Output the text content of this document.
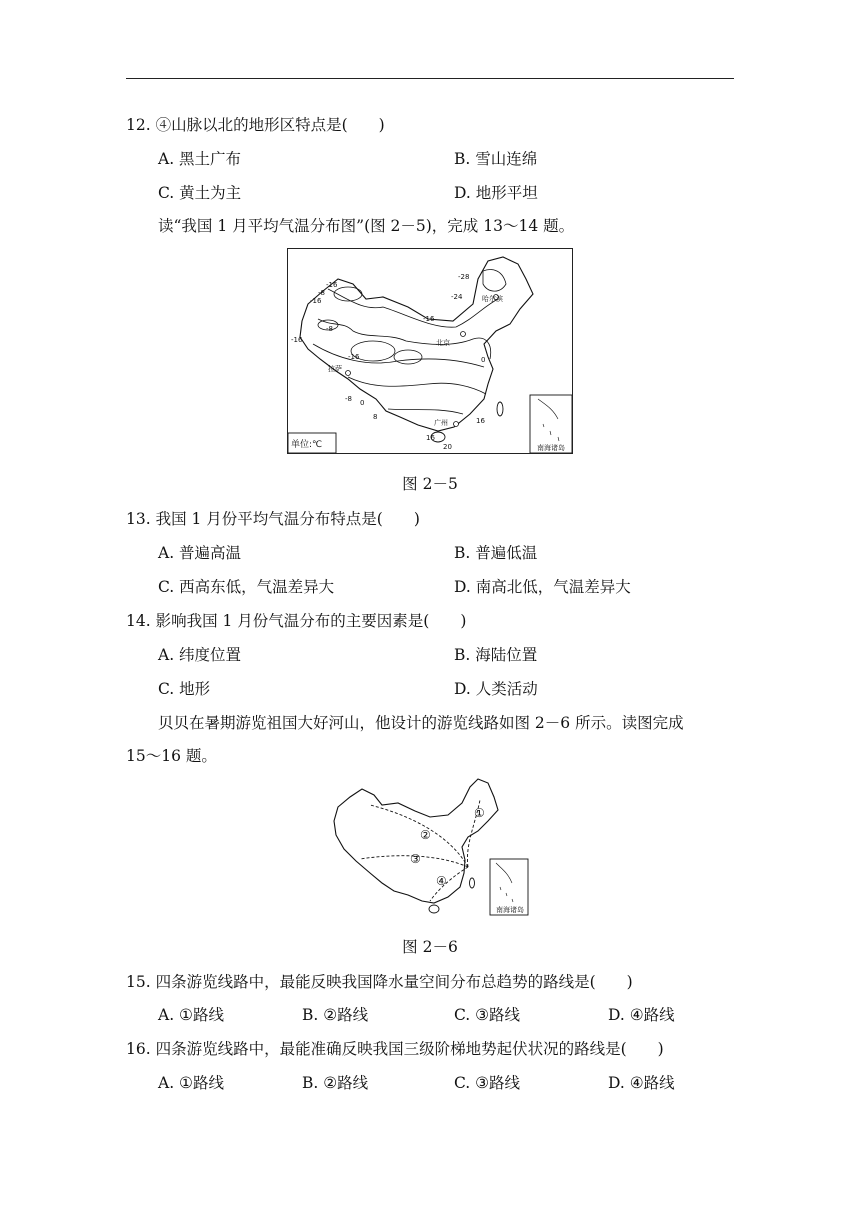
12. ④山脉以北的地形区特点是(　　)
A. 黑土广布	B. 雪山连绵
C. 黄土为主	D. 地形平坦
读“我国 1 月平均气温分布图”(图 2－5)，完成 13～14 题。
-28
-24
-16
-16
-8
-16
-8
-16
-16
-8
0
8
0
16
16
20
哈尔滨
北京
拉萨
广州
单位:℃	南海诸岛
图 2－5
13. 我国 1 月份平均气温分布特点是(　　)
A. 普遍高温	B. 普遍低温
C. 西高东低，气温差异大	D. 南高北低，气温差异大
14. 影响我国 1 月份气温分布的主要因素是(　　)
A. 纬度位置	B. 海陆位置
C. 地形	D. 人类活动
贝贝在暑期游览祖国大好河山，他设计的游览线路如图 2－6 所示。读图完成
15～16 题。
①
②
③
④
南海诸岛
图 2－6
15. 四条游览线路中，最能反映我国降水量空间分布总趋势的路线是(　　)
A. ①路线	B. ②路线	C. ③路线	D. ④路线
16. 四条游览线路中，最能准确反映我国三级阶梯地势起伏状况的路线是(　　)
A. ①路线	B. ②路线	C. ③路线	D. ④路线
